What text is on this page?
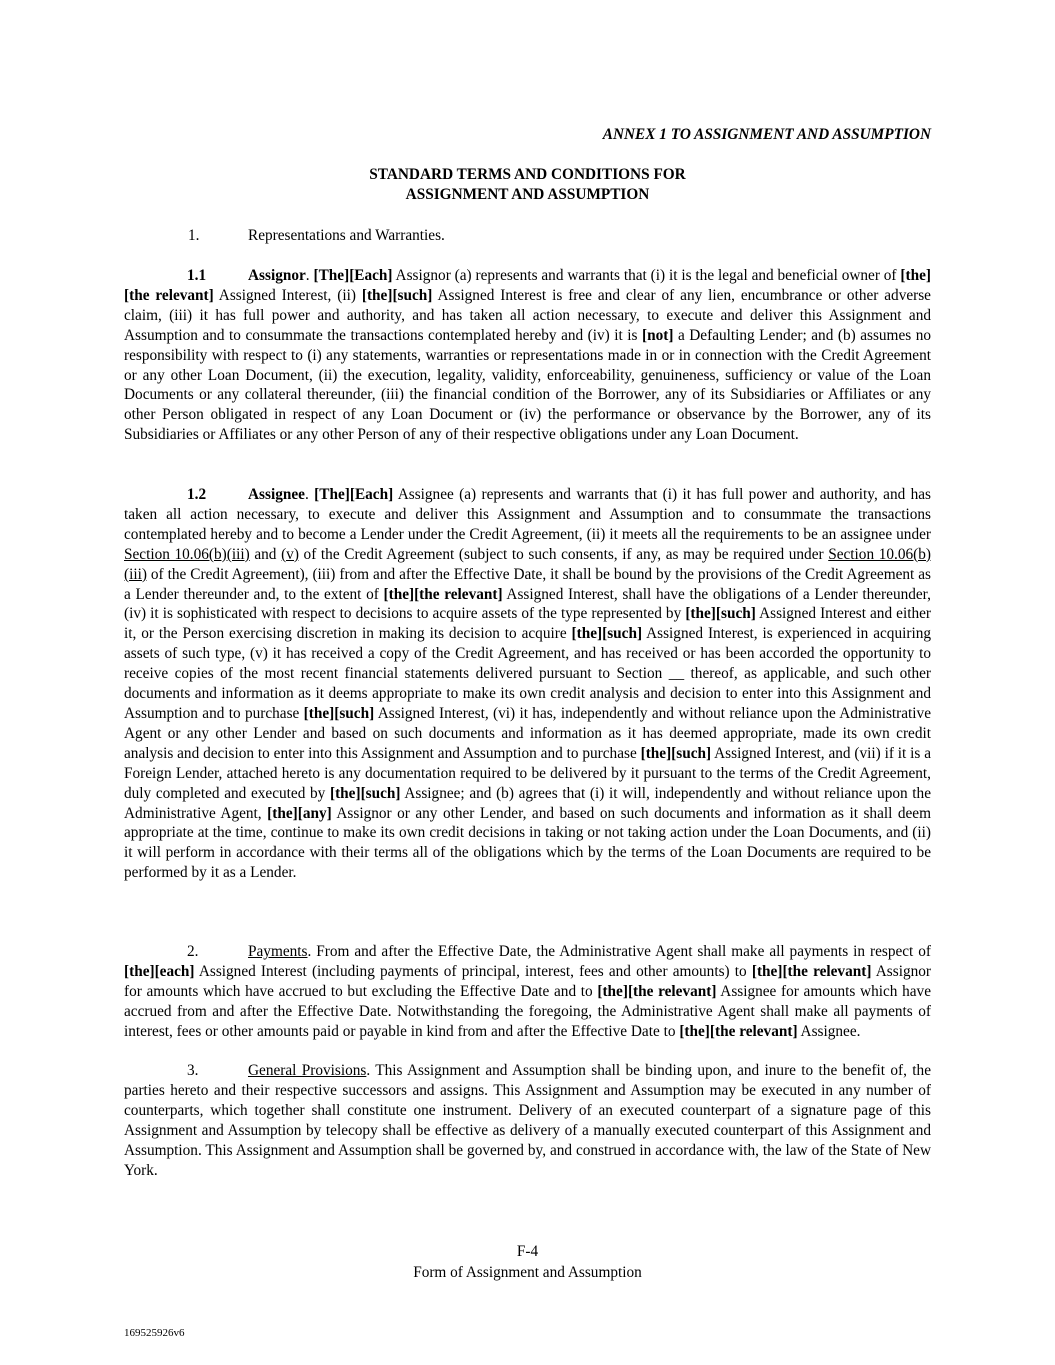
ANNEX 1 TO ASSIGNMENT AND ASSUMPTION
STANDARD TERMS AND CONDITIONS FOR
ASSIGNMENT AND ASSUMPTION
1.	Representations and Warranties.
1.1	Assignor. [The][Each] Assignor (a) represents and warrants that (i) it is the legal and beneficial owner of [the][the relevant] Assigned Interest, (ii) [the][such] Assigned Interest is free and clear of any lien, encumbrance or other adverse claim, (iii) it has full power and authority, and has taken all action necessary, to execute and deliver this Assignment and Assumption and to consummate the transactions contemplated hereby and (iv) it is [not] a Defaulting Lender; and (b) assumes no responsibility with respect to (i) any statements, warranties or representations made in or in connection with the Credit Agreement or any other Loan Document, (ii) the execution, legality, validity, enforceability, genuineness, sufficiency or value of the Loan Documents or any collateral thereunder, (iii) the financial condition of the Borrower, any of its Subsidiaries or Affiliates or any other Person obligated in respect of any Loan Document or (iv) the performance or observance by the Borrower, any of its Subsidiaries or Affiliates or any other Person of any of their respective obligations under any Loan Document.
1.2	Assignee. [The][Each] Assignee (a) represents and warrants that (i) it has full power and authority, and has taken all action necessary, to execute and deliver this Assignment and Assumption and to consummate the transactions contemplated hereby and to become a Lender under the Credit Agreement, (ii) it meets all the requirements to be an assignee under Section 10.06(b)(iii) and (v) of the Credit Agreement (subject to such consents, if any, as may be required under Section 10.06(b)(iii) of the Credit Agreement), (iii) from and after the Effective Date, it shall be bound by the provisions of the Credit Agreement as a Lender thereunder and, to the extent of [the][the relevant] Assigned Interest, shall have the obligations of a Lender thereunder, (iv) it is sophisticated with respect to decisions to acquire assets of the type represented by [the][such] Assigned Interest and either it, or the Person exercising discretion in making its decision to acquire [the][such] Assigned Interest, is experienced in acquiring assets of such type, (v) it has received a copy of the Credit Agreement, and has received or has been accorded the opportunity to receive copies of the most recent financial statements delivered pursuant to Section __ thereof, as applicable, and such other documents and information as it deems appropriate to make its own credit analysis and decision to enter into this Assignment and Assumption and to purchase [the][such] Assigned Interest, (vi) it has, independently and without reliance upon the Administrative Agent or any other Lender and based on such documents and information as it has deemed appropriate, made its own credit analysis and decision to enter into this Assignment and Assumption and to purchase [the][such] Assigned Interest, and (vii) if it is a Foreign Lender, attached hereto is any documentation required to be delivered by it pursuant to the terms of the Credit Agreement, duly completed and executed by [the][such] Assignee; and (b) agrees that (i) it will, independently and without reliance upon the Administrative Agent, [the][any] Assignor or any other Lender, and based on such documents and information as it shall deem appropriate at the time, continue to make its own credit decisions in taking or not taking action under the Loan Documents, and (ii) it will perform in accordance with their terms all of the obligations which by the terms of the Loan Documents are required to be performed by it as a Lender.
2.	Payments. From and after the Effective Date, the Administrative Agent shall make all payments in respect of [the][each] Assigned Interest (including payments of principal, interest, fees and other amounts) to [the][the relevant] Assignor for amounts which have accrued to but excluding the Effective Date and to [the][the relevant] Assignee for amounts which have accrued from and after the Effective Date. Notwithstanding the foregoing, the Administrative Agent shall make all payments of interest, fees or other amounts paid or payable in kind from and after the Effective Date to [the][the relevant] Assignee.
3.	General Provisions. This Assignment and Assumption shall be binding upon, and inure to the benefit of, the parties hereto and their respective successors and assigns. This Assignment and Assumption may be executed in any number of counterparts, which together shall constitute one instrument. Delivery of an executed counterpart of a signature page of this Assignment and Assumption by telecopy shall be effective as delivery of a manually executed counterpart of this Assignment and Assumption. This Assignment and Assumption shall be governed by, and construed in accordance with, the law of the State of New York.
F-4
Form of Assignment and Assumption
169525926v6
